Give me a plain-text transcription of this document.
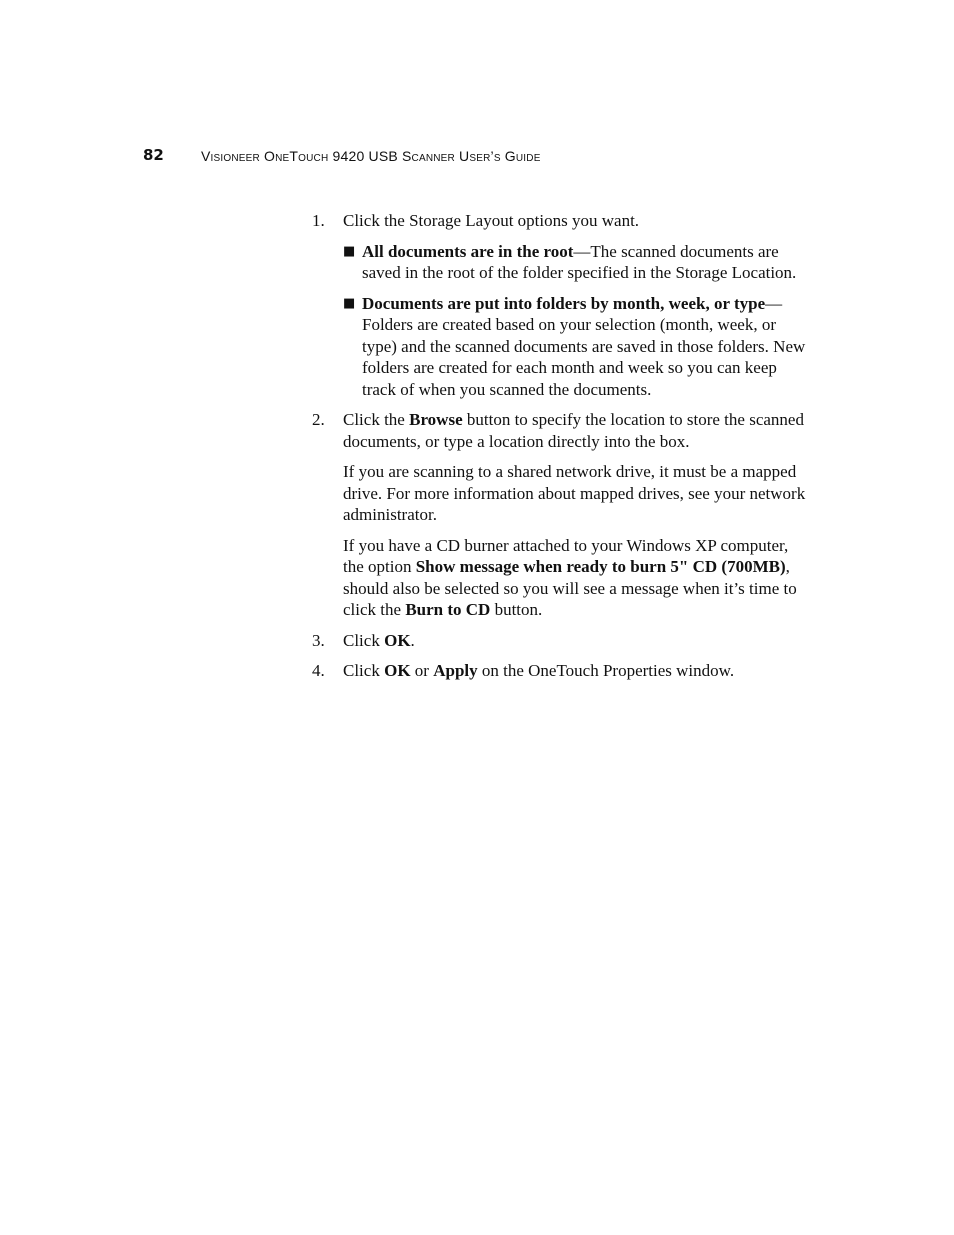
82	Visioneer OneTouch 9420 USB Scanner User’s Guide
1. Click the Storage Layout options you want.
■ All documents are in the root—The scanned documents are saved in the root of the folder specified in the Storage Location.
■ Documents are put into folders by month, week, or type—Folders are created based on your selection (month, week, or type) and the scanned documents are saved in those folders. New folders are created for each month and week so you can keep track of when you scanned the documents.
2. Click the Browse button to specify the location to store the scanned documents, or type a location directly into the box.

If you are scanning to a shared network drive, it must be a mapped drive. For more information about mapped drives, see your network administrator.

If you have a CD burner attached to your Windows XP computer, the option Show message when ready to burn 5" CD (700MB), should also be selected so you will see a message when it’s time to click the Burn to CD button.

3. Click OK.
4. Click OK or Apply on the OneTouch Properties window.
